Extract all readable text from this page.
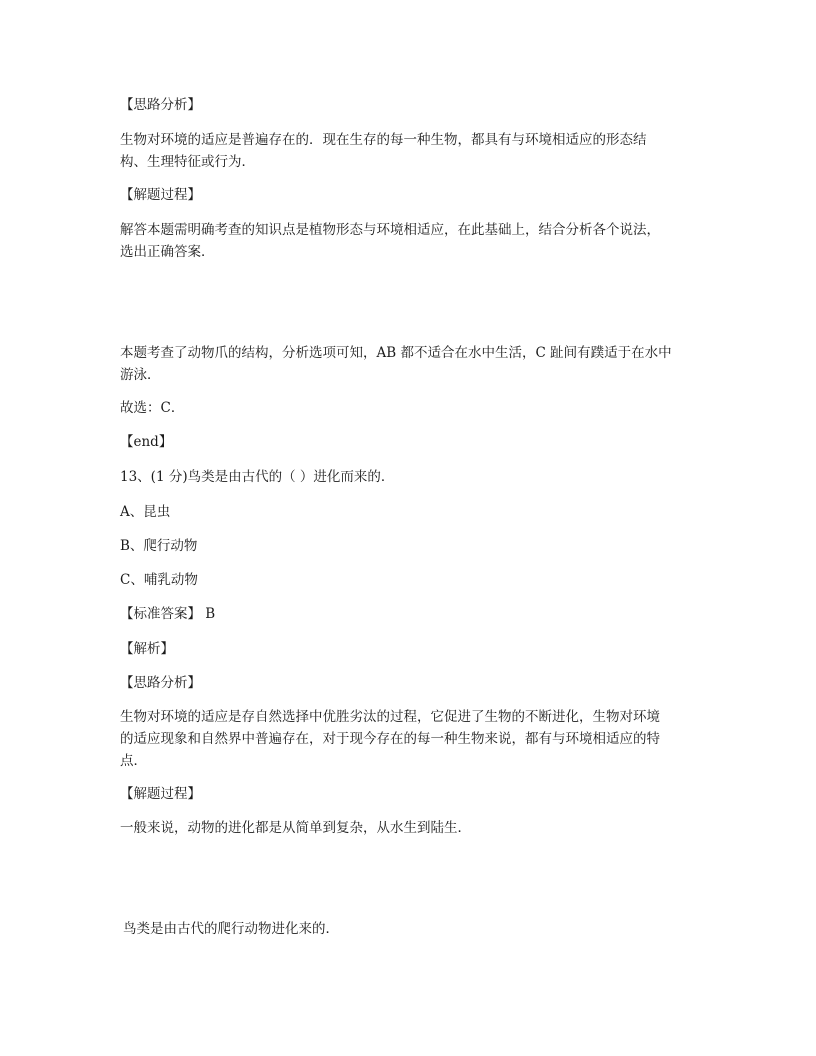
【思路分析】

生物对环境的适应是普遍存在的．现在生存的每一种生物，都具有与环境相适应的形态结
构、生理特征或行为．

【解题过程】

解答本题需明确考查的知识点是植物形态与环境相适应，在此基础上，结合分析各个说法，
选出正确答案．
本题考查了动物爪的结构，分析选项可知，AB 都不适合在水中生活，C 趾间有蹼适于在水中
游泳．

故选：C．

【end】

13、(1 分)鸟类是由古代的（ ）进化而来的．

A、昆虫

B、爬行动物

C、哺乳动物

【标准答案】 B

【解析】

【思路分析】

生物对环境的适应是存自然选择中优胜劣汰的过程，它促进了生物的不断进化，生物对环境
的适应现象和自然界中普遍存在，对于现今存在的每一种生物来说，都有与环境相适应的特
点．

【解题过程】

一般来说，动物的进化都是从简单到复杂，从水生到陆生．

鸟类是由古代的爬行动物进化来的．
